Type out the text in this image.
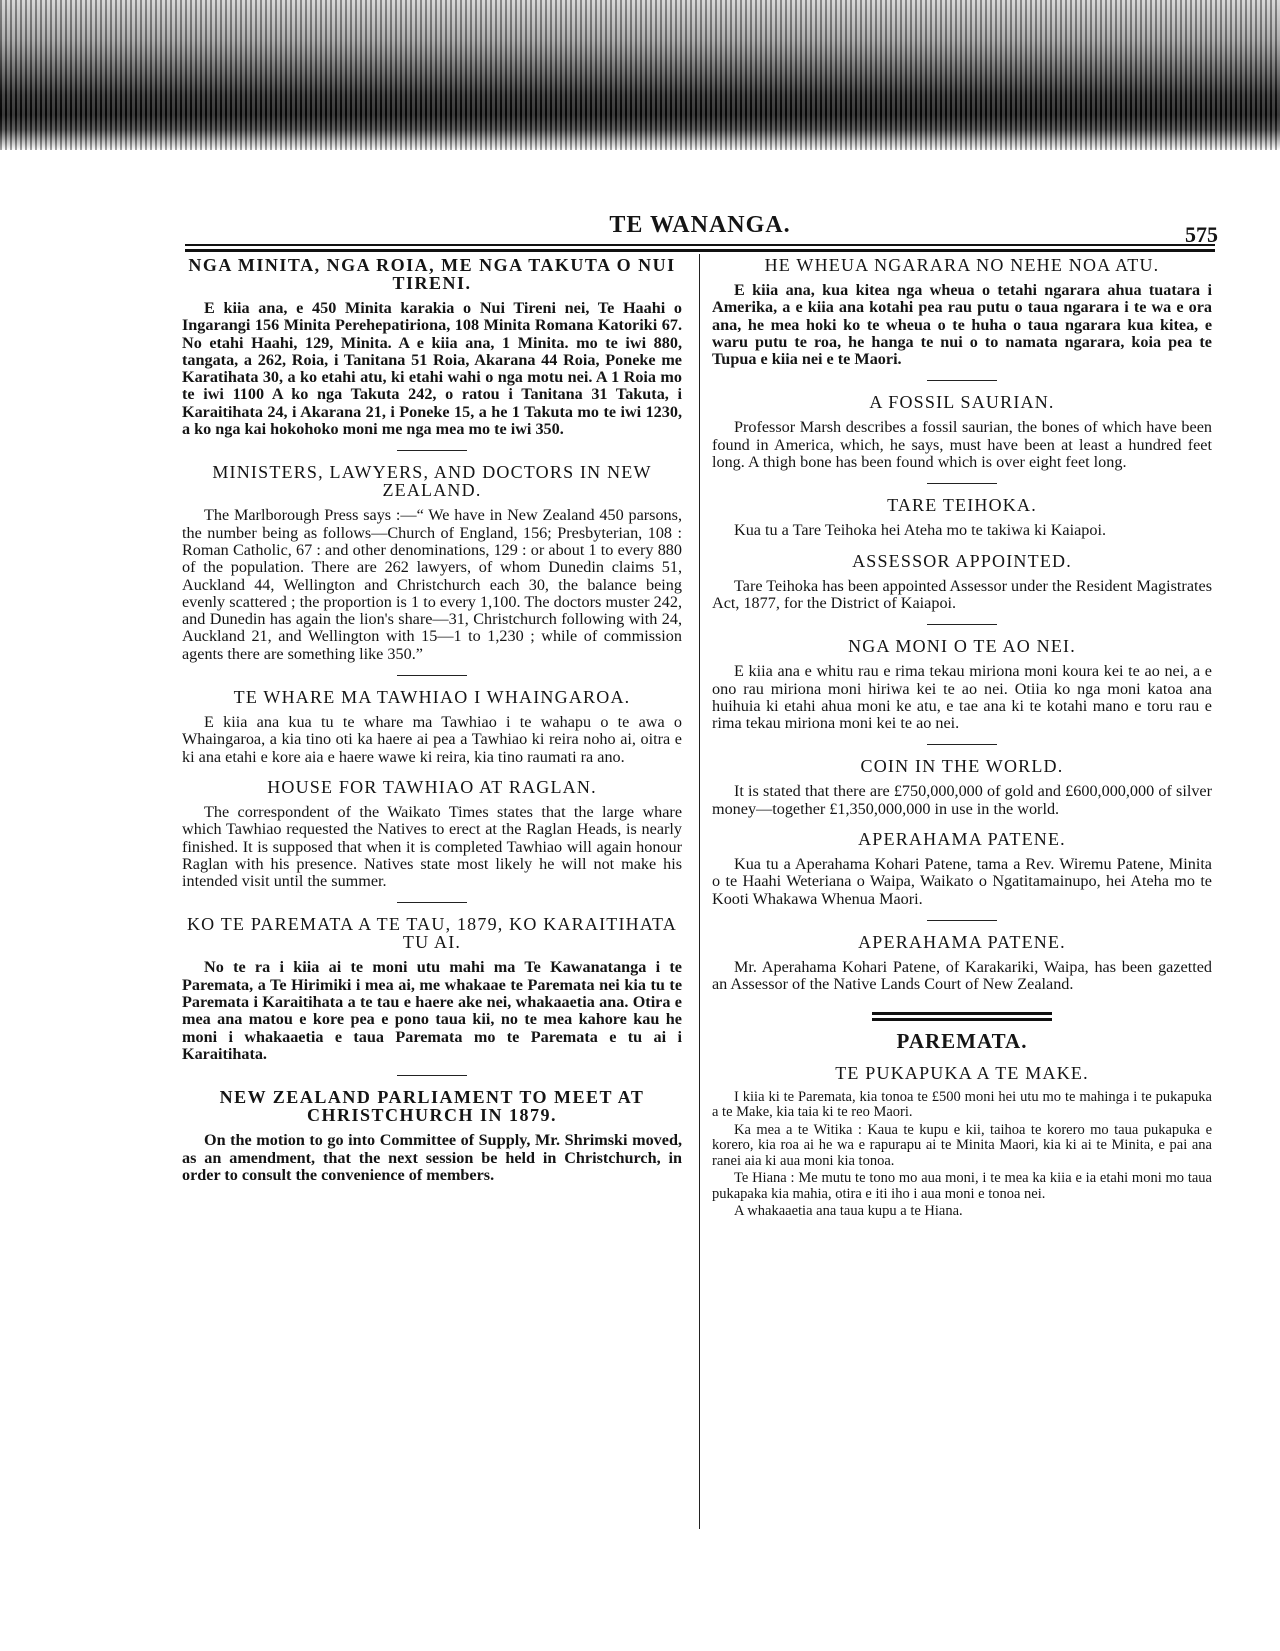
TE WANANGA.	575
NGA MINITA, NGA ROIA, ME NGA TAKUTA O NUI TIRENI.

E kiia ana, e 450 Minita karakia o Nui Tireni nei, Te Haahi o Ingarangi 156 Minita Perehepatiriona, 108 Minita Romana Katoriki 67. No etahi Haahi, 129, Minita. A e kiia ana, 1 Minita. mo te iwi 880, tangata, a 262, Roia, i Tanitana 51 Roia, Akarana 44 Roia, Poneke me Karatihata 30, a ko etahi atu, ki etahi wahi o nga motu nei. A 1 Roia mo te iwi 1100 A ko nga Takuta 242, o ratou i Tanitana 31 Takuta, i Karaitihata 24, i Akarana 21, i Poneke 15, a he 1 Takuta mo te iwi 1230, a ko nga kai hokohoko moni me nga mea mo te iwi 350.

MINISTERS, LAWYERS, AND DOCTORS IN NEW ZEALAND.

The Marlborough Press says :—“ We have in New Zealand 450 parsons, the number being as follows—Church of England, 156; Presbyterian, 108 : Roman Catholic, 67 : and other denominations, 129 : or about 1 to every 880 of the population. There are 262 lawyers, of whom Dunedin claims 51, Auckland 44, Wellington and Christchurch each 30, the balance being evenly scattered ; the proportion is 1 to every 1,100. The doctors muster 242, and Dunedin has again the lion's share—31, Christchurch following with 24, Auckland 21, and Wellington with 15—1 to 1,230 ; while of commission agents there are something like 350.”

TE WHARE MA TAWHIAO I WHAINGAROA.

E kiia ana kua tu te whare ma Tawhiao i te wahapu o te awa o Whaingaroa, a kia tino oti ka haere ai pea a Tawhiao ki reira noho ai, oitra e ki ana etahi e kore aia e haere wawe ki reira, kia tino raumati ra ano.

HOUSE FOR TAWHIAO AT RAGLAN.

The correspondent of the Waikato Times states that the large whare which Tawhiao requested the Natives to erect at the Raglan Heads, is nearly finished. It is supposed that when it is completed Tawhiao will again honour Raglan with his presence. Natives state most likely he will not make his intended visit until the summer.

KO TE PAREMATA A TE TAU, 1879, KO KARAITIHATA TU AI.

No te ra i kiia ai te moni utu mahi ma Te Kawanatanga i te Paremata, a Te Hirimiki i mea ai, me whakaae te Paremata nei kia tu te Paremata i Karaitihata a te tau e haere ake nei, whakaaetia ana. Otira e mea ana matou e kore pea e pono taua kii, no te mea kahore kau he moni i whakaaetia e taua Paremata mo te Paremata e tu ai i Karaitihata.

NEW ZEALAND PARLIAMENT TO MEET AT CHRISTCHURCH IN 1879.

On the motion to go into Committee of Supply, Mr. Shrimski moved, as an amendment, that the next session be held in Christchurch, in order to consult the convenience of members.

HE WHEUA NGARARA NO NEHE NOA ATU.

E kiia ana, kua kitea nga wheua o tetahi ngarara ahua tuatara i Amerika, a e kiia ana kotahi pea rau putu o taua ngarara i te wa e ora ana, he mea hoki ko te wheua o te huha o taua ngarara kua kitea, e waru putu te roa, he hanga te nui o to namata ngarara, koia pea te Tupua e kiia nei e te Maori.

A FOSSIL SAURIAN.

Professor Marsh describes a fossil saurian, the bones of which have been found in America, which, he says, must have been at least a hundred feet long. A thigh bone has been found which is over eight feet long.

TARE TEIHOKA.

Kua tu a Tare Teihoka hei Ateha mo te takiwa ki Kaiapoi.

ASSESSOR APPOINTED.

Tare Teihoka has been appointed Assessor under the Resident Magistrates Act, 1877, for the District of Kaiapoi.

NGA MONI O TE AO NEI.

E kiia ana e whitu rau e rima tekau miriona moni koura kei te ao nei, a e ono rau miriona moni hiriwa kei te ao nei. Otiia ko nga moni katoa ana huihuia ki etahi ahua moni ke atu, e tae ana ki te kotahi mano e toru rau e rima tekau miriona moni kei te ao nei.

COIN IN THE WORLD.

It is stated that there are £750,000,000 of gold and £600,000,000 of silver money—together £1,350,000,000 in use in the world.

APERAHAMA PATENE.

Kua tu a Aperahama Kohari Patene, tama a Rev. Wiremu Patene, Minita o te Haahi Weteriana o Waipa, Waikato o Ngatitamainupo, hei Ateha mo te Kooti Whakawa Whenua Maori.

APERAHAMA PATENE.

Mr. Aperahama Kohari Patene, of Karakariki, Waipa, has been gazetted an Assessor of the Native Lands Court of New Zealand.

PAREMATA.
TE PUKAPUKA A TE MAKE.

I kiia ki te Paremata, kia tonoa te £500 moni hei utu mo te mahinga i te pukapuka a te Make, kia taia ki te reo Maori.

Ka mea a te Witika : Kaua te kupu e kii, taihoa te korero mo taua pukapuka e korero, kia roa ai he wa e rapurapu ai te Minita Maori, kia ki ai te Minita, e pai ana ranei aia ki aua moni kia tonoa.

Te Hiana : Me mutu te tono mo aua moni, i te mea ka kiia e ia etahi moni mo taua pukapaka kia mahia, otira e iti iho i aua moni e tonoa nei.

A whakaaetia ana taua kupu a te Hiana.
